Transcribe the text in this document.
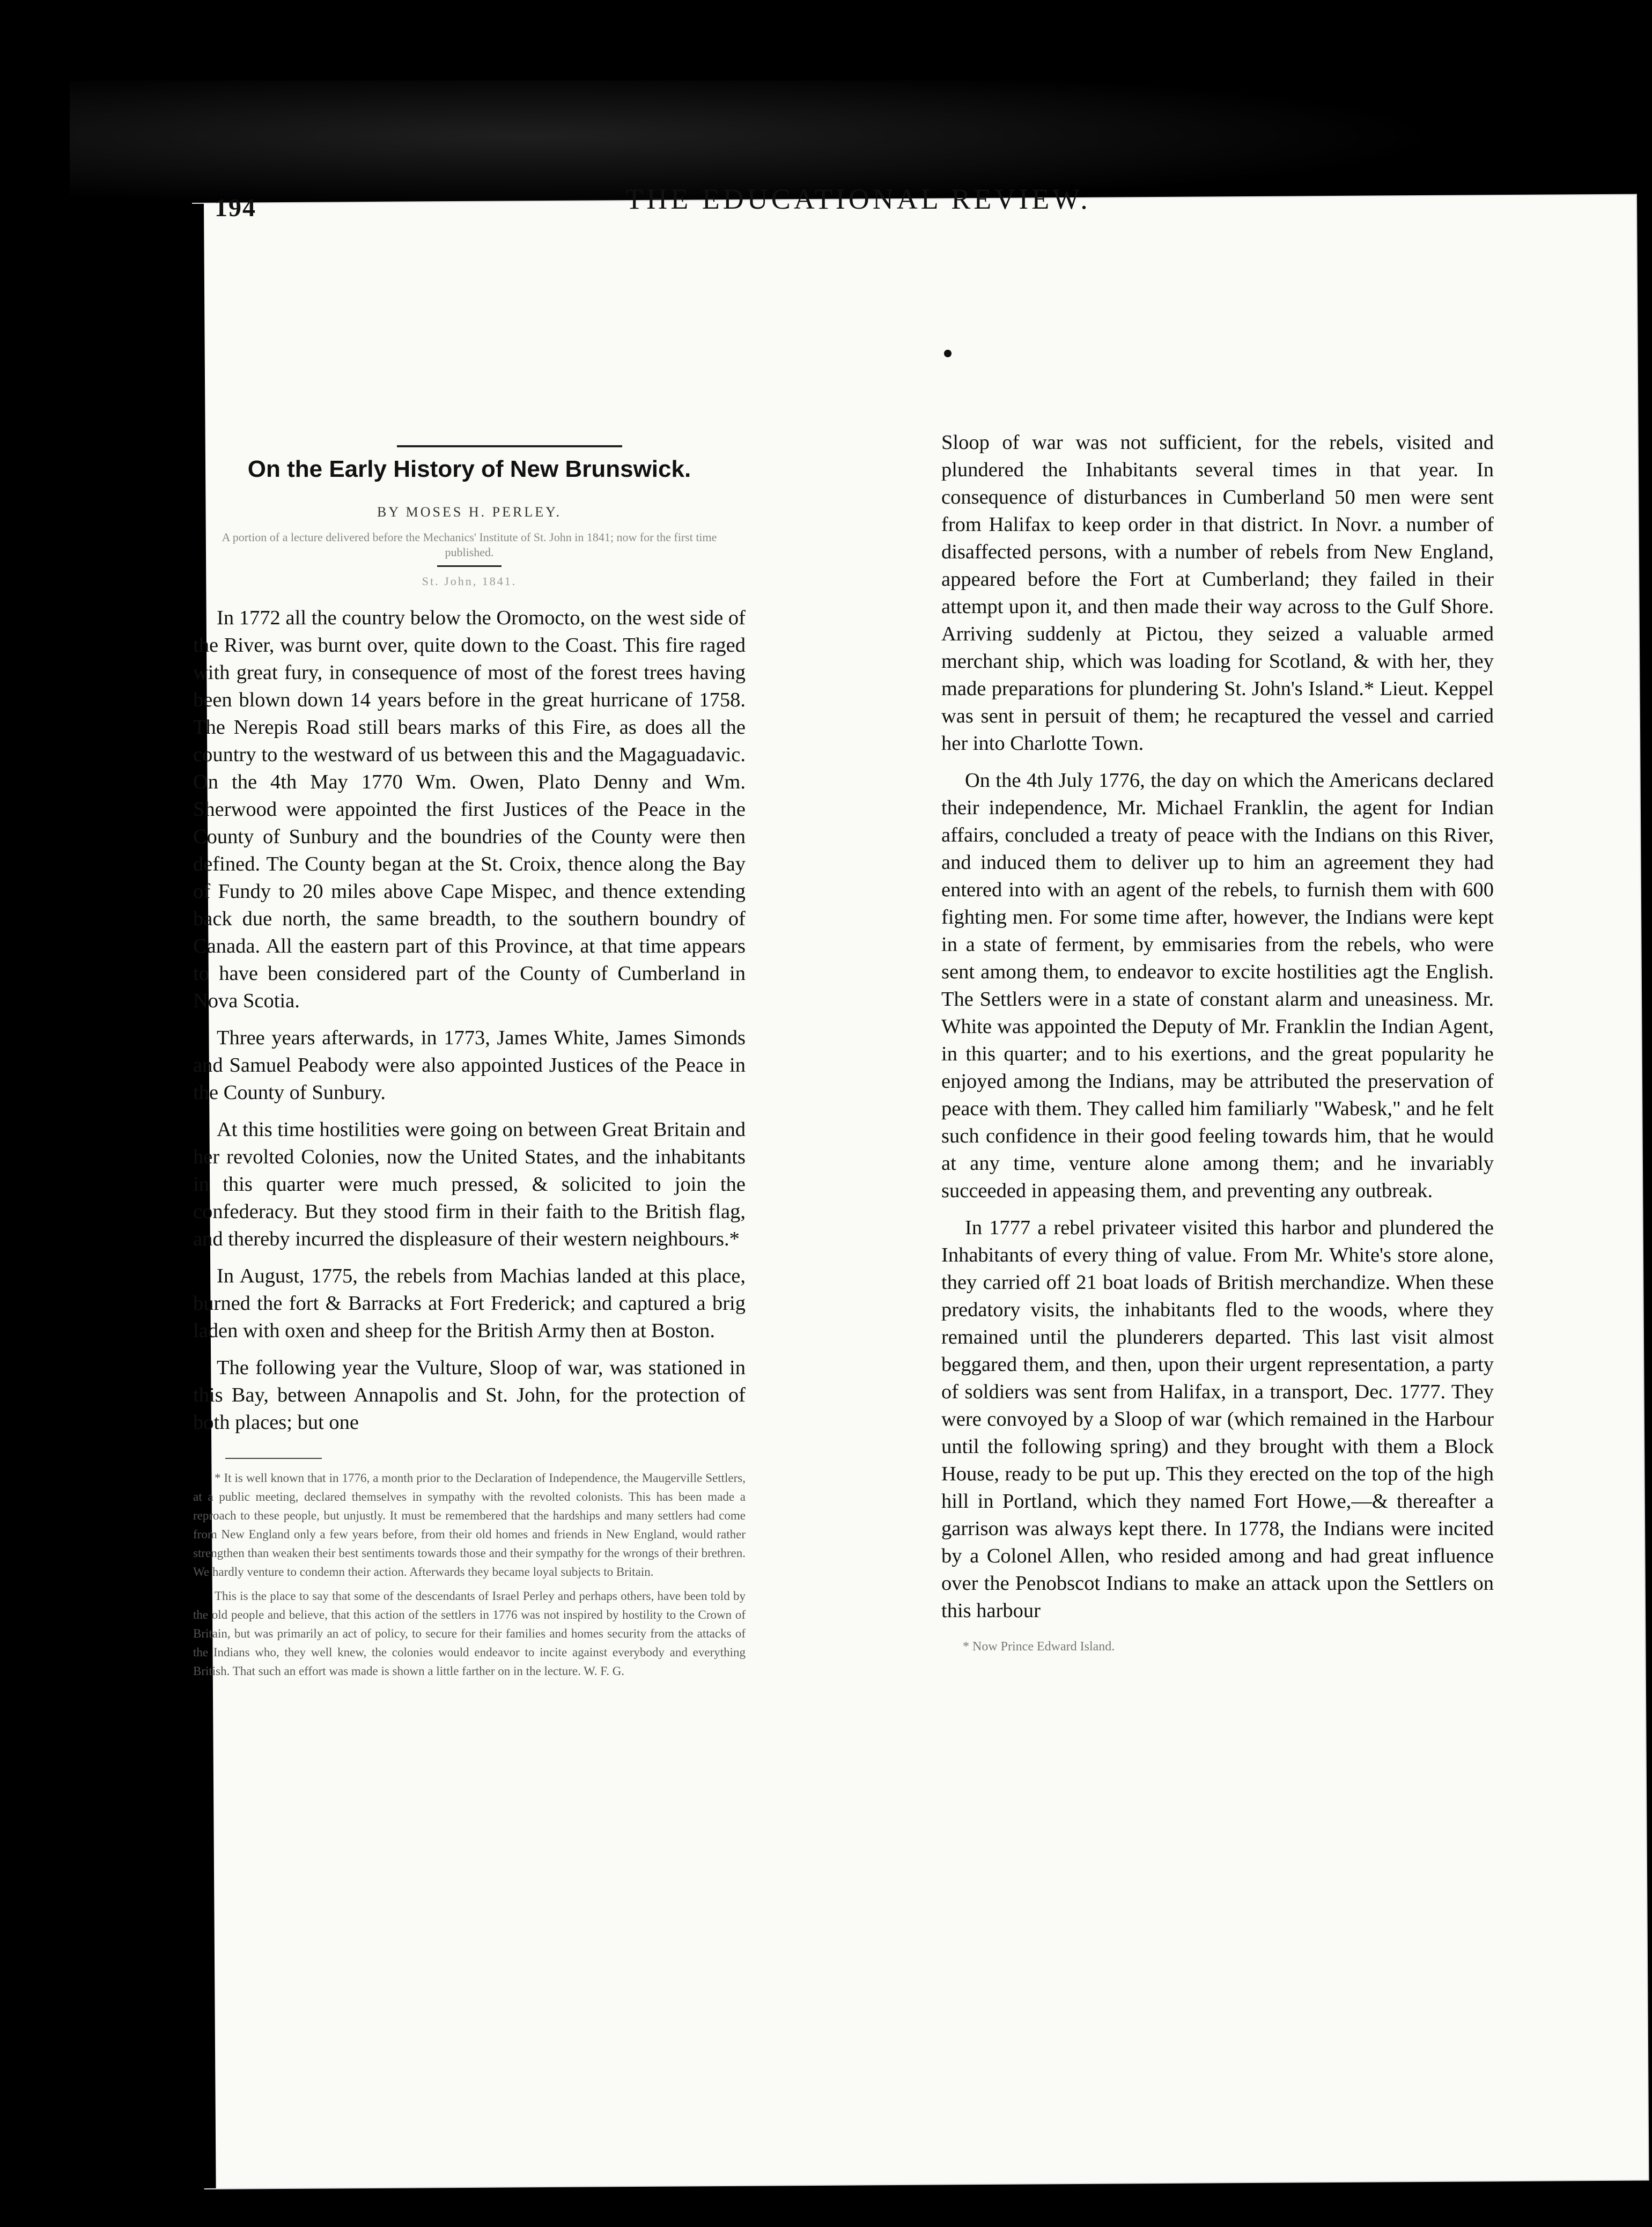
194	THE EDUCATIONAL REVIEW.
On the Early History of New Brunswick.
BY MOSES H. PERLEY.
A portion of a lecture delivered before the Mechanics' Institute of St. John in 1841; now for the first time published.
St. John, 1841.

In 1772 all the country below the Oromocto, on the west side of the River, was burnt over, quite down to the Coast. This fire raged with great fury, in consequence of most of the forest trees having been blown down 14 years before in the great hurricane of 1758. The Nerepis Road still bears marks of this Fire, as does all the country to the westward of us between this and the Magaguadavic. On the 4th May 1770 Wm. Owen, Plato Denny and Wm. Sherwood were appointed the first Justices of the Peace in the County of Sunbury and the boundries of the County were then defined. The County began at the St. Croix, thence along the Bay of Fundy to 20 miles above Cape Mispec, and thence extending back due north, the same breadth, to the southern boundry of Canada. All the eastern part of this Province, at that time appears to have been considered part of the County of Cumberland in Nova Scotia.

Three years afterwards, in 1773, James White, James Simonds and Samuel Peabody were also appointed Justices of the Peace in the County of Sunbury.

At this time hostilities were going on between Great Britain and her revolted Colonies, now the United States, and the inhabitants in this quarter were much pressed, & solicited to join the confederacy. But they stood firm in their faith to the British flag, and thereby incurred the displeasure of their western neighbours.*

In August, 1775, the rebels from Machias landed at this place, burned the fort & Barracks at Fort Frederick; and captured a brig laden with oxen and sheep for the British Army then at Boston.

The following year the Vulture, Sloop of war, was stationed in this Bay, between Annapolis and St. John, for the protection of both places; but one

* It is well known that in 1776, a month prior to the Declaration of Independence, the Maugerville Settlers, at a public meeting, declared themselves in sympathy with the revolted colonists. This has been made a reproach to these people, but unjustly. It must be remembered that the hardships and many settlers had come from New England only a few years before, from their old homes and friends in New England, would rather strengthen than weaken their best sentiments towards those and their sympathy for the wrongs of their brethren. We hardly venture to condemn their action. Afterwards they became loyal subjects to Britain.

This is the place to say that some of the descendants of Israel Perley and perhaps others, have been told by the old people and believe, that this action of the settlers in 1776 was not inspired by hostility to the Crown of Britain, but was primarily an act of policy, to secure for their families and homes security from the attacks of the Indians who, they well knew, the colonies would endeavor to incite against everybody and everything British. That such an effort was made is shown a little farther on in the lecture. W. F. G.

Sloop of war was not sufficient, for the rebels, visited and plundered the Inhabitants several times in that year. In consequence of disturbances in Cumberland 50 men were sent from Halifax to keep order in that district. In Novr. a number of disaffected persons, with a number of rebels from New England, appeared before the Fort at Cumberland; they failed in their attempt upon it, and then made their way across to the Gulf Shore. Arriving suddenly at Pictou, they seized a valuable armed merchant ship, which was loading for Scotland, & with her, they made preparations for plundering St. John's Island.* Lieut. Keppel was sent in persuit of them; he recaptured the vessel and carried her into Charlotte Town.

On the 4th July 1776, the day on which the Americans declared their independence, Mr. Michael Franklin, the agent for Indian affairs, concluded a treaty of peace with the Indians on this River, and induced them to deliver up to him an agreement they had entered into with an agent of the rebels, to furnish them with 600 fighting men. For some time after, however, the Indians were kept in a state of ferment, by emmisaries from the rebels, who were sent among them, to endeavor to excite hostilities agt the English. The Settlers were in a state of constant alarm and uneasiness. Mr. White was appointed the Deputy of Mr. Franklin the Indian Agent, in this quarter; and to his exertions, and the great popularity he enjoyed among the Indians, may be attributed the preservation of peace with them. They called him familiarly "Wabesk," and he felt such confidence in their good feeling towards him, that he would at any time, venture alone among them; and he invariably succeeded in appeasing them, and preventing any outbreak.

In 1777 a rebel privateer visited this harbor and plundered the Inhabitants of every thing of value. From Mr. White's store alone, they carried off 21 boat loads of British merchandize. When these predatory visits, the inhabitants fled to the woods, where they remained until the plunderers departed. This last visit almost beggared them, and then, upon their urgent representation, a party of soldiers was sent from Halifax, in a transport, Dec. 1777. They were convoyed by a Sloop of war (which remained in the Harbour until the following spring) and they brought with them a Block House, ready to be put up. This they erected on the top of the high hill in Portland, which they named Fort Howe,—& thereafter a garrison was always kept there. In 1778, the Indians were incited by a Colonel Allen, who resided among and had great influence over the Penobscot Indians to make an attack upon the Settlers on this harbour

* Now Prince Edward Island.
